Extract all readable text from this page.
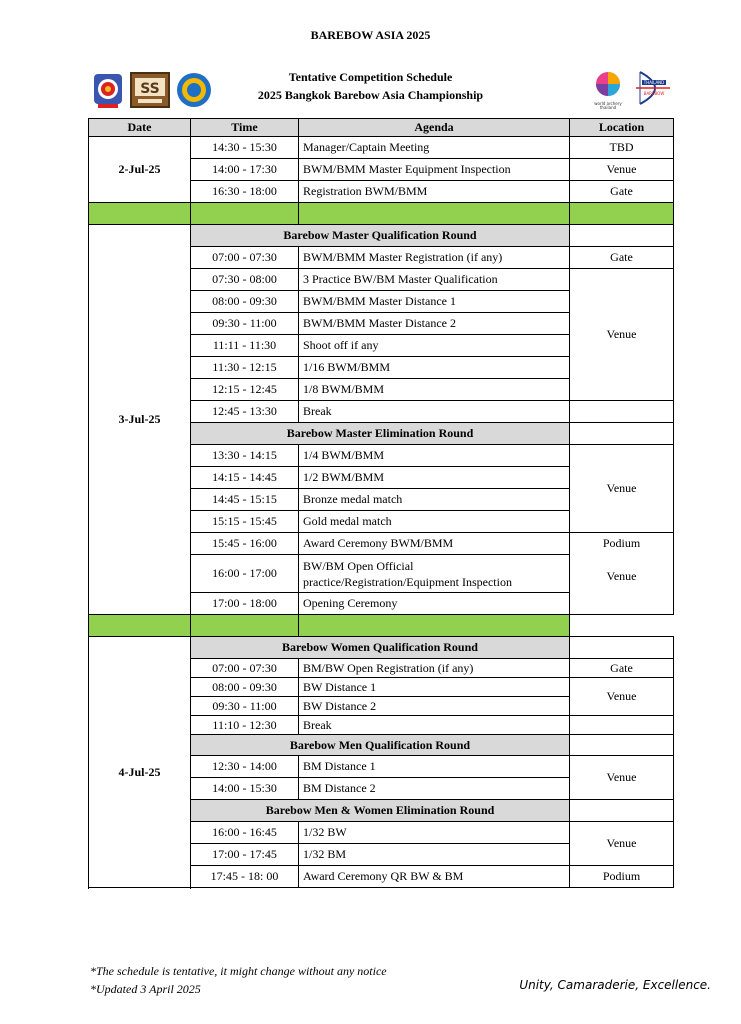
BAREBOW ASIA 2025
Tentative Competition Schedule
2025 Bangkok Barebow Asia Championship
SS
world archery
thailand
THAILAND
BAREBOW
Date	Time	Agenda	Location
2-Jul-25	14:30 - 15:30	Manager/Captain Meeting	TBD
	14:00 - 17:30	BWM/BMM Master Equipment Inspection	Venue
	16:30 - 18:00	Registration BWM/BMM	Gate

3-Jul-25	Barebow Master Qualification Round		
	07:00 - 07:30	BWM/BMM Master Registration (if any)	Gate
	07:30 - 08:00	3 Practice BW/BM Master Qualification	Venue
	08:00 - 09:30	BWM/BMM Master Distance 1	
	09:30 - 11:00	BWM/BMM Master Distance 2	
	11:11 - 11:30	Shoot off if any	
	11:30 - 12:15	1/16 BWM/BMM	
	12:15 - 12:45	1/8 BWM/BMM	
	12:45 - 13:30	Break	
	Barebow Master Elimination Round		
	13:30 - 14:15	1/4 BWM/BMM	Venue
	14:15 - 14:45	1/2 BWM/BMM	
	14:45 - 15:15	Bronze medal match	
	15:15 - 15:45	Gold medal match	
	15:45 - 16:00	Award Ceremony BWM/BMM	Podium
	16:00 - 17:00	BW/BM Open Official
practice/Registration/Equipment Inspection	Venue
	17:00 - 18:00	Opening Ceremony	

4-Jul-25	Barebow Women Qualification Round		
	07:00 - 07:30	BM/BW Open Registration (if any)	Gate
	08:00 - 09:30	BW Distance 1	Venue
	09:30 - 11:00	BW Distance 2	
	11:10 - 12:30	Break	
	Barebow Men Qualification Round		
	12:30 - 14:00	BM Distance 1	Venue
	14:00 - 15:30	BM Distance 2	
	Barebow Men & Women Elimination Round		
	16:00 - 16:45	1/32 BW	Venue
	17:00 - 17:45	1/32 BM	
	17:45 - 18: 00	Award Ceremony QR BW & BM	Podium

*The schedule is tentative, it might change without any notice
*Updated 3 April 2025	Unity, Camaraderie, Excellence.
